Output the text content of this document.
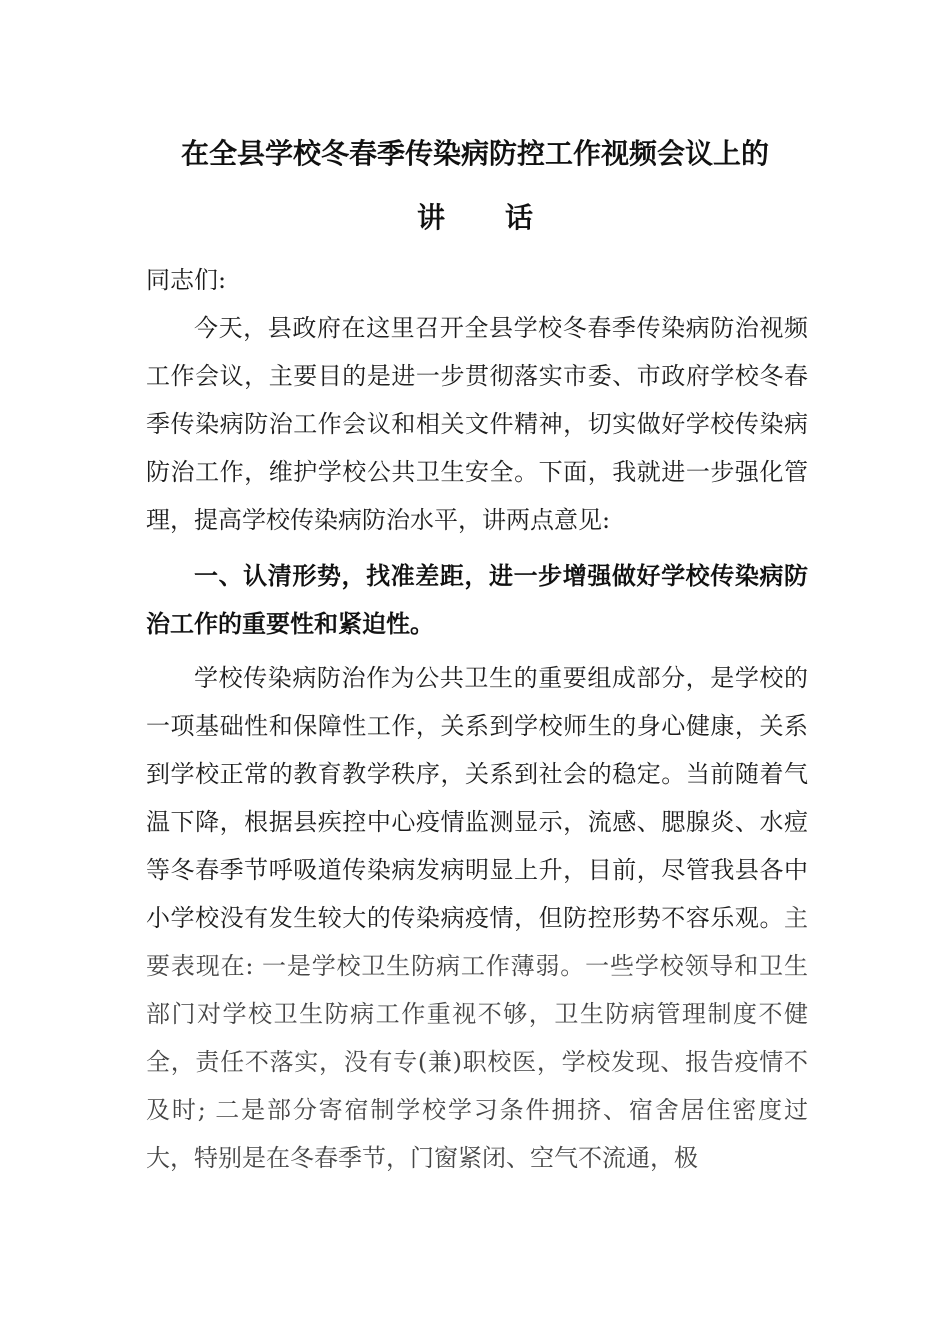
在全县学校冬春季传染病防控工作视频会议上的
讲话

同志们:

今天，县政府在这里召开全县学校冬春季传染病防治视频工作会议，主要目的是进一步贯彻落实市委、市政府学校冬春季传染病防治工作会议和相关文件精神，切实做好学校传染病防治工作，维护学校公共卫生安全。下面，我就进一步强化管理，提高学校传染病防治水平，讲两点意见:

一、认清形势，找准差距，进一步增强做好学校传染病防治工作的重要性和紧迫性。

学校传染病防治作为公共卫生的重要组成部分，是学校的一项基础性和保障性工作，关系到学校师生的身心健康，关系到学校正常的教育教学秩序，关系到社会的稳定。当前随着气温下降，根据县疾控中心疫情监测显示，流感、腮腺炎、水痘等冬春季节呼吸道传染病发病明显上升，目前，尽管我县各中小学校没有发生较大的传染病疫情，但防控形势不容乐观。主要表现在: 一是学校卫生防病工作薄弱。一些学校领导和卫生部门对学校卫生防病工作重视不够，卫生防病管理制度不健全，责任不落实，没有专(兼)职校医，学校发现、报告疫情不及时; 二是部分寄宿制学校学习条件拥挤、宿舍居住密度过大，特别是在冬春季节，门窗紧闭、空气不流通，极
